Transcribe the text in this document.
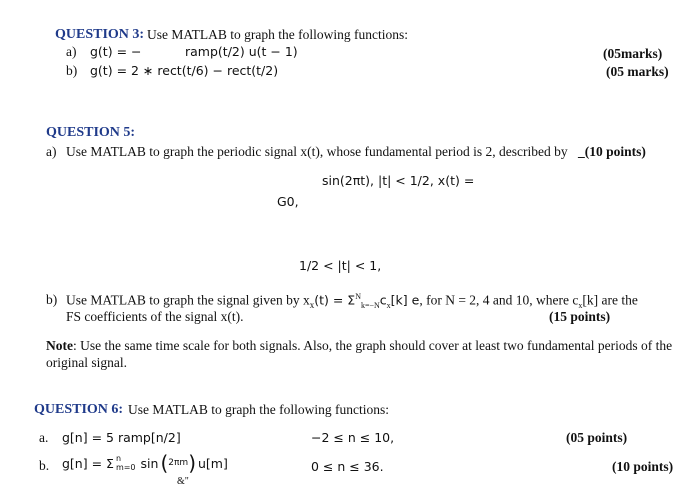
QUESTION 3: Use MATLAB to graph the following functions:
a) g(t) = −	ramp(t/2) u(t − 1)	(05marks)
b) g(t) = 2 ∗ rect(t/6) − rect(t/2)	(05 marks)
QUESTION 5:
a) Use MATLAB to graph the periodic signal x(t), whose fundamental period is 2, described by _(10 points)
sin(2πt), |t| < 1/2, x(t) =
G0,
1/2 < |t| < 1,
b) Use MATLAB to graph the signal given by $x_x(t) = \Sigma^N_{k=-N}c_x[k]$ e, for N = 2, 4 and 10, where $c_x[k]$ are the
FS coefficients of the signal x(t).	(15 points)
Note: Use the same time scale for both signals. Also, the graph should cover at least two fundamental periods of the
original signal.
QUESTION 6: Use MATLAB to graph the following functions:
a. g[n] = 5 ramp[n/2]	−2 ≤ n ≤ 10,	(05 points)
b. g[n] = Σ n
m=0 sin ( 2πm ) u[m]	0 ≤ n ≤ 36.	(10 points)
&"
